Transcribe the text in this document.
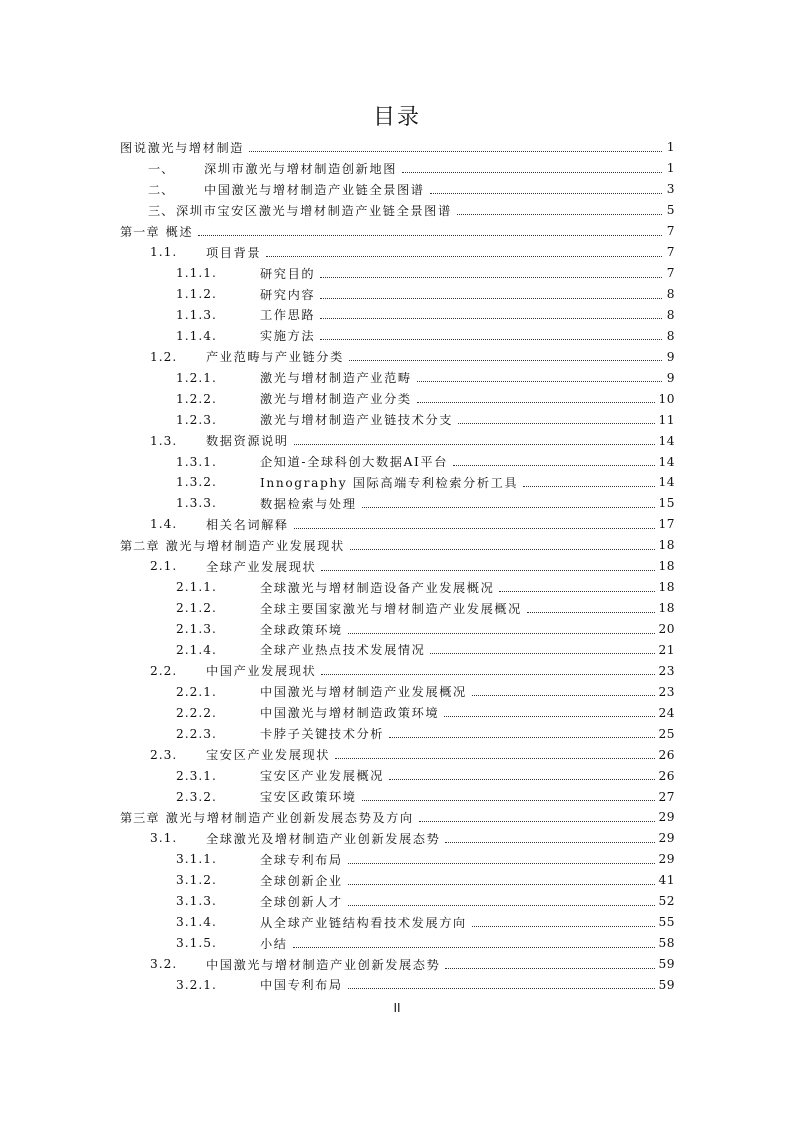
目录
图说激光与增材制造	1
一、	深圳市激光与增材制造创新地图	1
二、	中国激光与增材制造产业链全景图谱	3
三、 深圳市宝安区激光与增材制造产业链全景图谱	5
第一章 概述	7
1.1.	项目背景	7
1.1.1.	研究目的	7
1.1.2.	研究内容	8
1.1.3.	工作思路	8
1.1.4.	实施方法	8
1.2.	产业范畴与产业链分类	9
1.2.1.	激光与增材制造产业范畴	9
1.2.2.	激光与增材制造产业分类	10
1.2.3.	激光与增材制造产业链技术分支	11
1.3.	数据资源说明	14
1.3.1.	企知道-全球科创大数据AI平台	14
1.3.2.	Innography 国际高端专利检索分析工具	14
1.3.3.	数据检索与处理	15
1.4.	相关名词解释	17
第二章 激光与增材制造产业发展现状	18
2.1.	全球产业发展现状	18
2.1.1.	全球激光与增材制造设备产业发展概况	18
2.1.2.	全球主要国家激光与增材制造产业发展概况	18
2.1.3.	全球政策环境	20
2.1.4.	全球产业热点技术发展情况	21
2.2.	中国产业发展现状	23
2.2.1.	中国激光与增材制造产业发展概况	23
2.2.2.	中国激光与增材制造政策环境	24
2.2.3.	卡脖子关键技术分析	25
2.3.	宝安区产业发展现状	26
2.3.1.	宝安区产业发展概况	26
2.3.2.	宝安区政策环境	27
第三章 激光与增材制造产业创新发展态势及方向	29
3.1.	全球激光及增材制造产业创新发展态势	29
3.1.1.	全球专利布局	29
3.1.2.	全球创新企业	41
3.1.3.	全球创新人才	52
3.1.4.	从全球产业链结构看技术发展方向	55
3.1.5.	小结	58
3.2.	中国激光与增材制造产业创新发展态势	59
3.2.1.	中国专利布局	59
II
